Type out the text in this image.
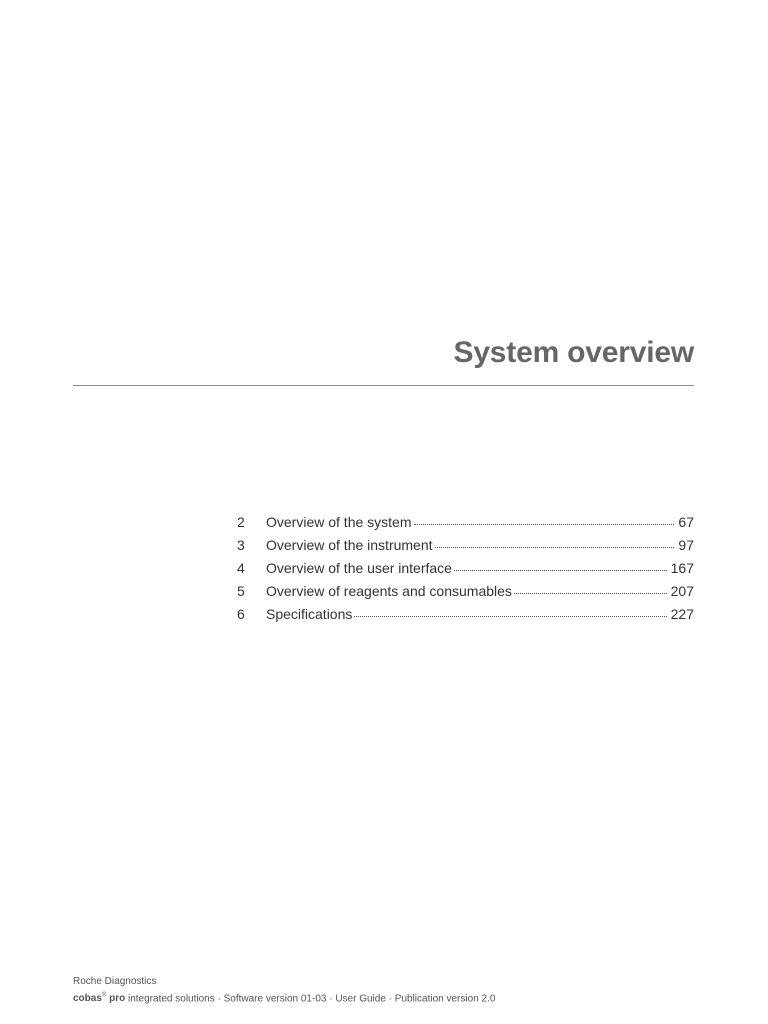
System overview
2	Overview of the system	67
3	Overview of the instrument	97
4	Overview of the user interface	167
5	Overview of reagents and consumables	207
6	Specifications	227
Roche Diagnostics
cobas® pro integrated solutions · Software version 01-03 · User Guide · Publication version 2.0
